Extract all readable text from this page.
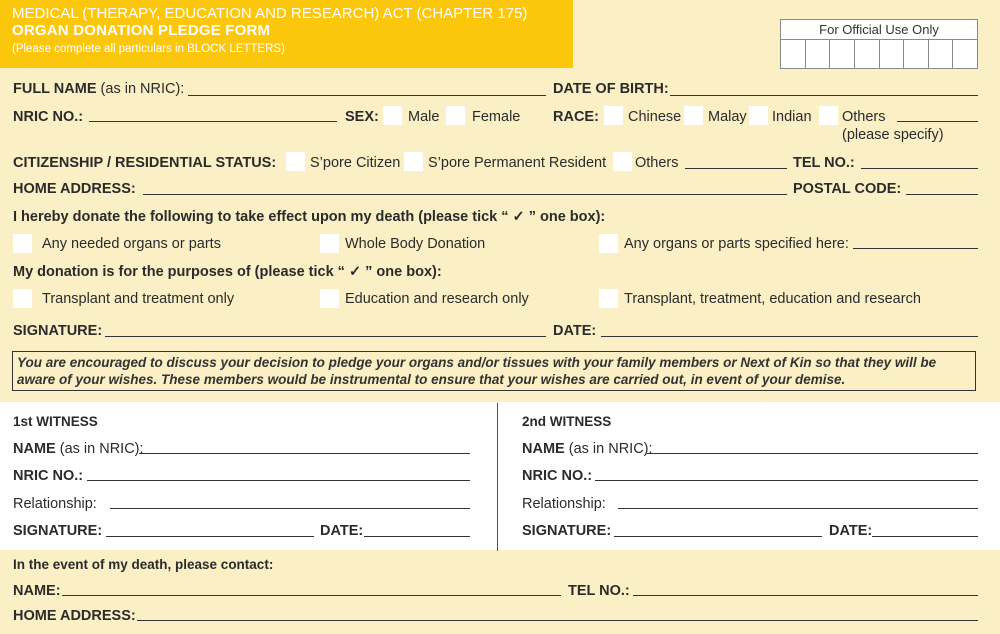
MEDICAL (THERAPY, EDUCATION AND RESEARCH) ACT (CHAPTER 175)
ORGAN DONATION PLEDGE FORM
(Please complete all particulars in BLOCK LETTERS)
For Official Use Only
FULL NAME (as in NRIC):	DATE OF BIRTH:
NRIC NO.:	SEX: Male Female RACE: Chinese Malay Indian Others
(please specify)
CITIZENSHIP / RESIDENTIAL STATUS: S’pore Citizen S’pore Permanent Resident Others	TEL NO.:
HOME ADDRESS:	POSTAL CODE:
I hereby donate the following to take effect upon my death (please tick “ ✓ ” one box):
Any needed organs or parts	Whole Body Donation	Any organs or parts specified here:
My donation is for the purposes of (please tick “ ✓ ” one box):
Transplant and treatment only	Education and research only	Transplant, treatment, education and research
SIGNATURE:	DATE:
You are encouraged to discuss your decision to pledge your organs and/or tissues with your family members or Next of Kin so that they will be aware of your wishes. These members would be instrumental to ensure that your wishes are carried out, in event of your demise.
1st WITNESS
NAME (as in NRIC):
NRIC NO.:
Relationship:
SIGNATURE:	DATE:
2nd WITNESS
NAME (as in NRIC):
NRIC NO.:
Relationship:
SIGNATURE:	DATE:
In the event of my death, please contact:
NAME:	TEL NO.:
HOME ADDRESS:
